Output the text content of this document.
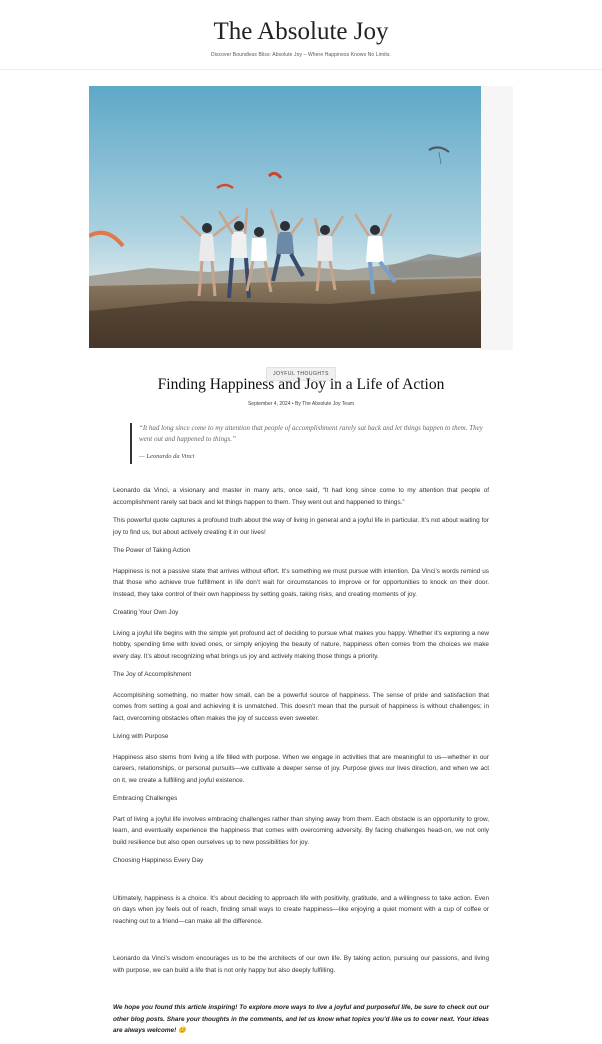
The Absolute Joy
Discover Boundless Bliss: Absolute Joy – Where Happiness Knows No Limits.
JOYFUL THOUGHTS
Finding Happiness and Joy in a Life of Action
September 4, 2024 • By The Absolute Joy Team
“It had long since come to my attention that people of accomplishment rarely sat back and let things happen to them. They went out and happened to things.”
— Leonardo da Vinci

Leonardo da Vinci, a visionary and master in many arts, once said, “It had long since come to my attention that people of accomplishment rarely sat back and let things happen to them. They went out and happened to things.”

This powerful quote captures a profound truth about the way of living in general and a joyful life in particular. It’s not about waiting for joy to find us, but about actively creating it in our lives!

The Power of Taking Action

Happiness is not a passive state that arrives without effort. It’s something we must pursue with intention. Da Vinci’s words remind us that those who achieve true fulfillment in life don’t wait for circumstances to improve or for opportunities to knock on their door. Instead, they take control of their own happiness by setting goals, taking risks, and creating moments of joy.

Creating Your Own Joy

Living a joyful life begins with the simple yet profound act of deciding to pursue what makes you happy. Whether it’s exploring a new hobby, spending time with loved ones, or simply enjoying the beauty of nature, happiness often comes from the choices we make every day. It’s about recognizing what brings us joy and actively making those things a priority.

The Joy of Accomplishment

Accomplishing something, no matter how small, can be a powerful source of happiness. The sense of pride and satisfaction that comes from setting a goal and achieving it is unmatched. This doesn’t mean that the pursuit of happiness is without challenges; in fact, overcoming obstacles often makes the joy of success even sweeter.

Living with Purpose

Happiness also stems from living a life filled with purpose. When we engage in activities that are meaningful to us—whether in our careers, relationships, or personal pursuits—we cultivate a deeper sense of joy. Purpose gives our lives direction, and when we act on it, we create a fulfilling and joyful existence.

Embracing Challenges

Part of living a joyful life involves embracing challenges rather than shying away from them. Each obstacle is an opportunity to grow, learn, and eventually experience the happiness that comes with overcoming adversity. By facing challenges head-on, we not only build resilience but also open ourselves up to new possibilities for joy.

Choosing Happiness Every Day

Ultimately, happiness is a choice. It’s about deciding to approach life with positivity, gratitude, and a willingness to take action. Even on days when joy feels out of reach, finding small ways to create happiness—like enjoying a quiet moment with a cup of coffee or reaching out to a friend—can make all the difference.

Leonardo da Vinci’s wisdom encourages us to be the architects of our own life. By taking action, pursuing our passions, and living with purpose, we can build a life that is not only happy but also deeply fulfilling.

We hope you found this article inspiring! To explore more ways to live a joyful and purposeful life, be sure to check out our other blog posts. Share your thoughts in the comments, and let us know what topics you’d like us to cover next. Your ideas are always welcome! 😊
